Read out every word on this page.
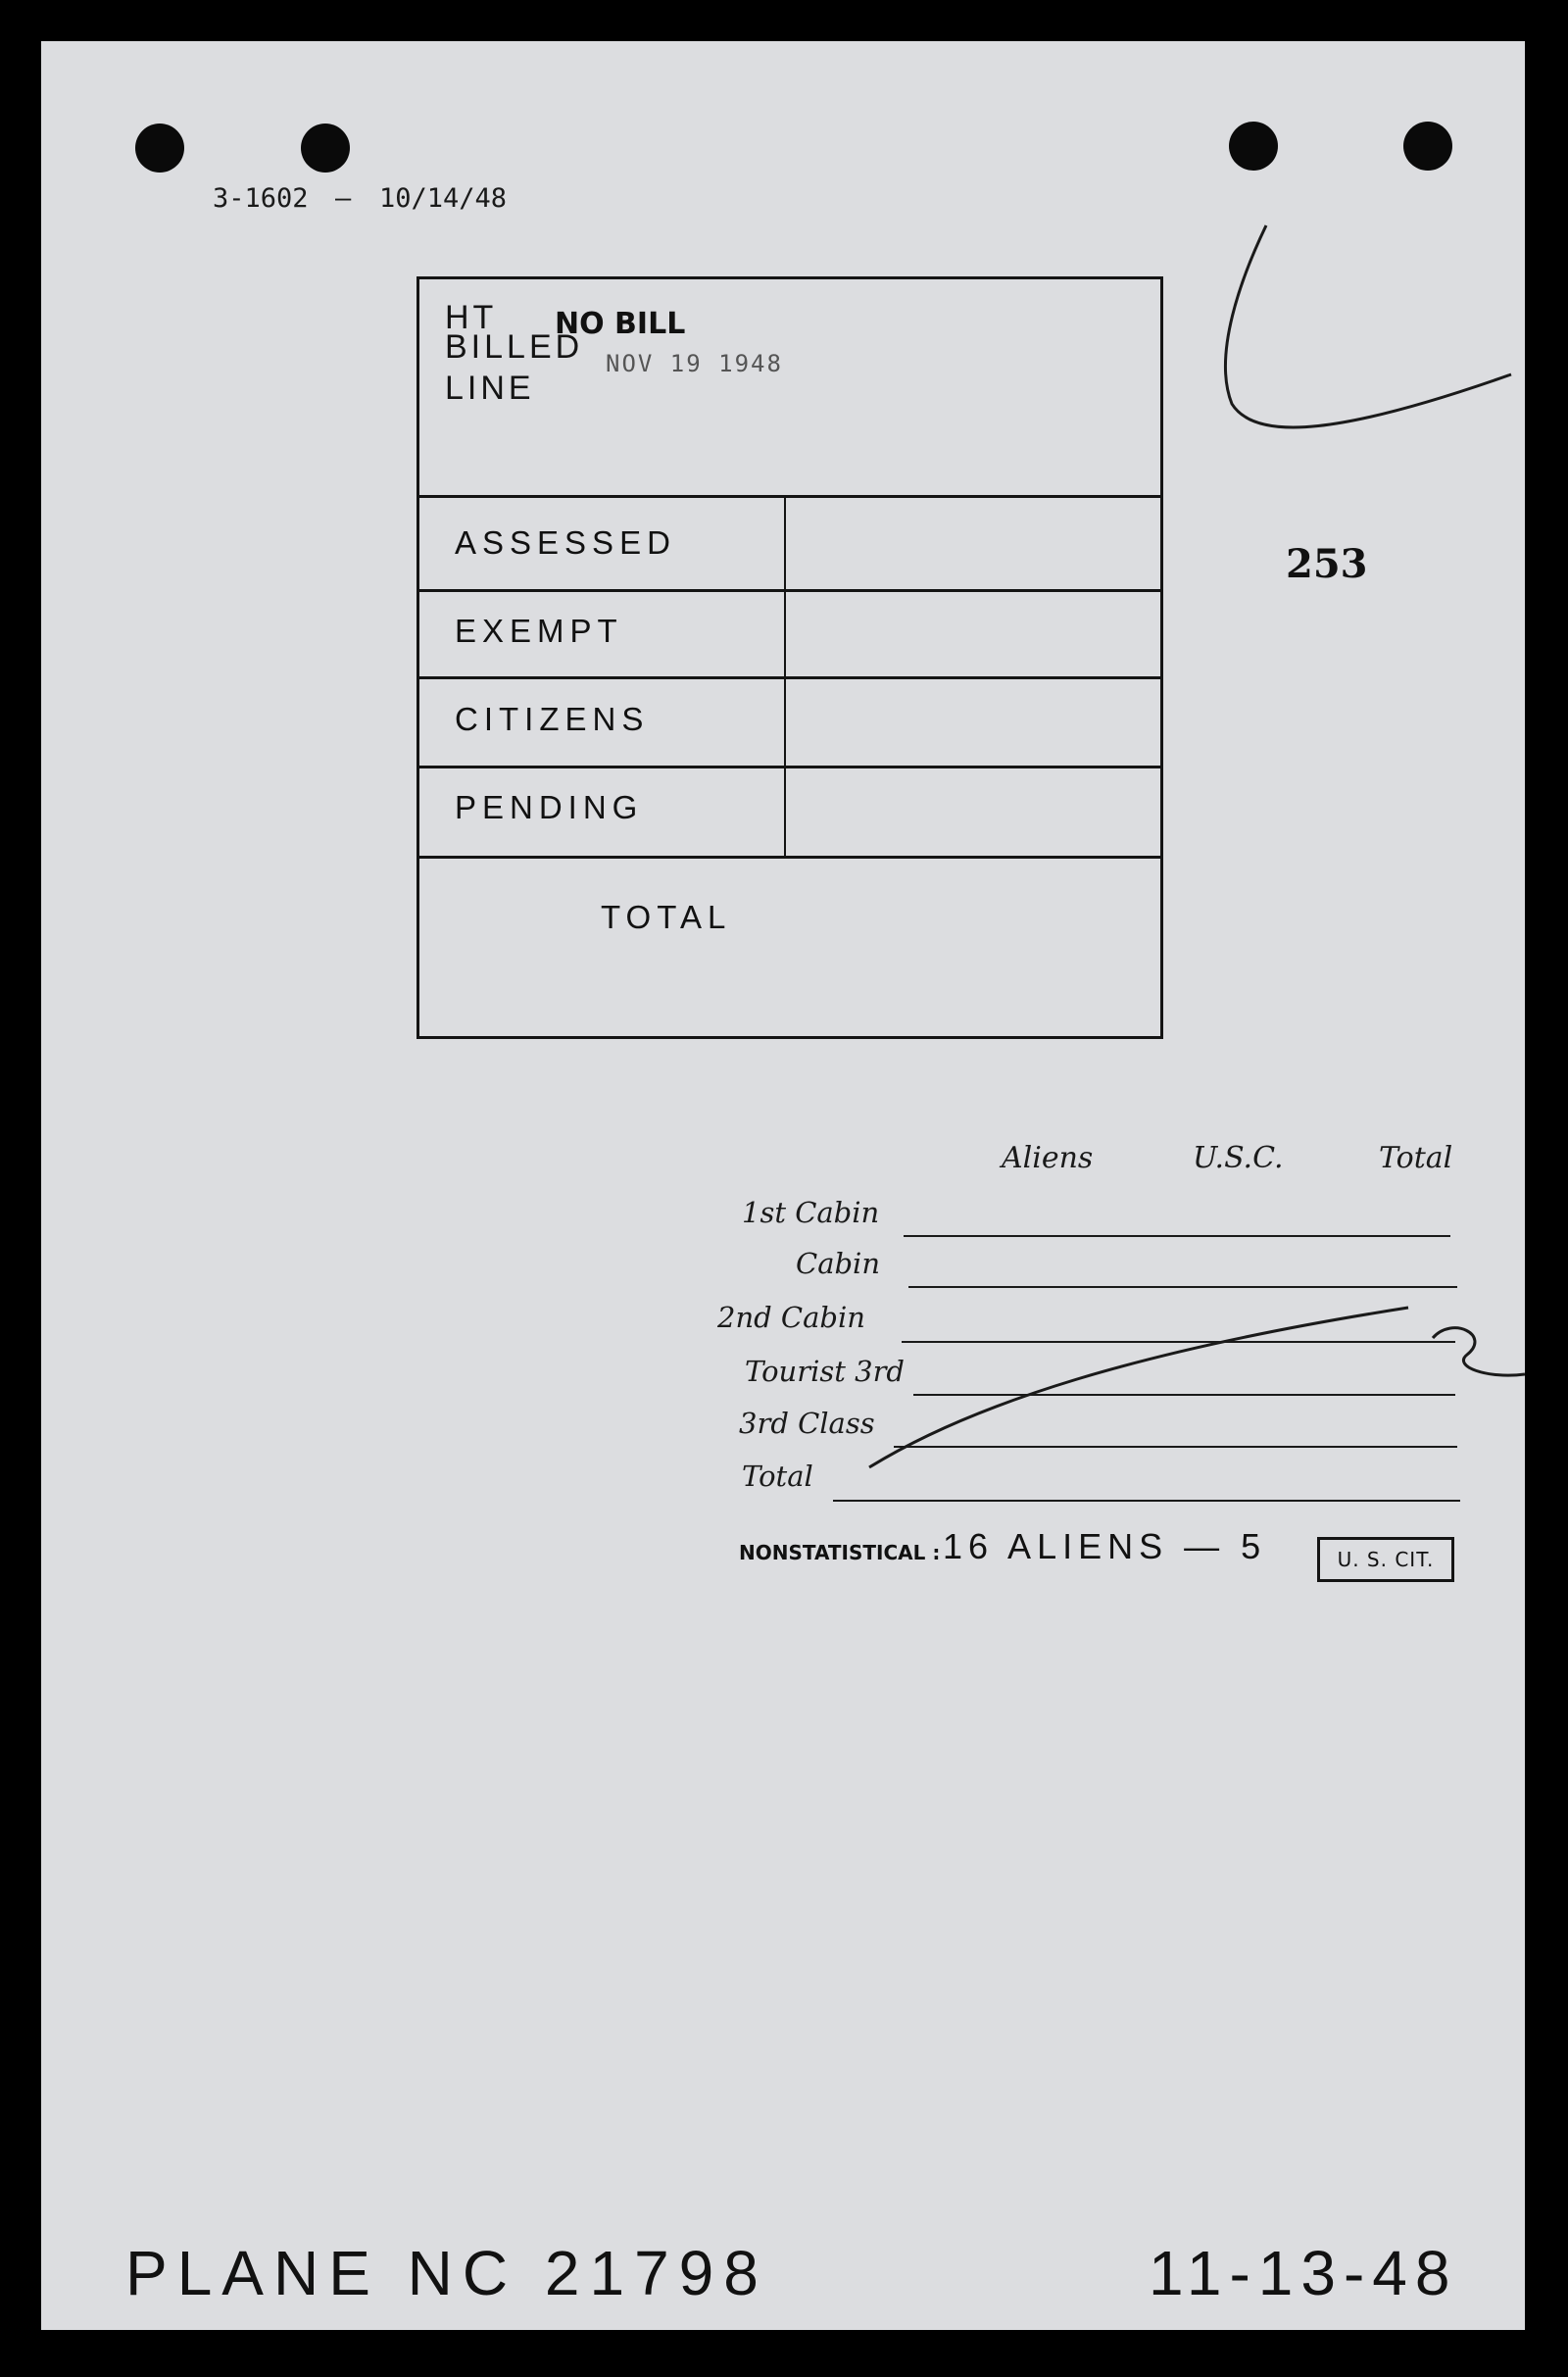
3-1602 — 10/14/48
HT
BILLED
LINE
NO BILL
NOV 19 1948
ASSESSED
EXEMPT
CITIZENS
PENDING
TOTAL
253
Aliens	U.S.C.	Total
1st Cabin
Cabin
2nd Cabin
Tourist 3rd
3rd Class
Total
NONSTATISTICAL : 16 ALIENS — 5	U. S. CIT.
PLANE NC 21798	11-13-48
